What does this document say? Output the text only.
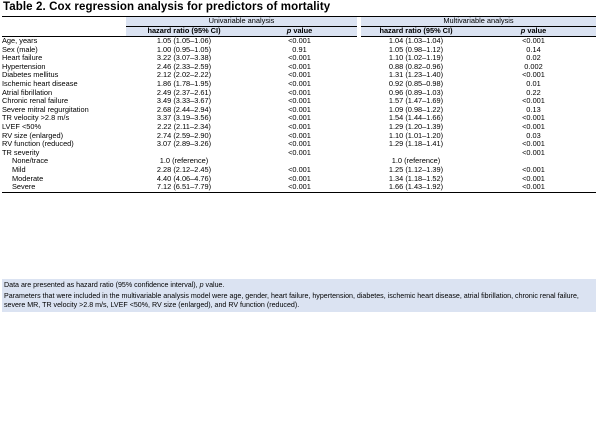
Table 2. Cox regression analysis for predictors of mortality
	Univariable analysis			Multivariable analysis	
	hazard ratio (95% CI)	p value		hazard ratio (95% CI)	p value
Age, years	1.05 (1.05–1.06)	<0.001		1.04 (1.03–1.04)	<0.001
Sex (male)	1.00 (0.95–1.05)	0.91		1.05 (0.98–1.12)	0.14
Heart failure	3.22 (3.07–3.38)	<0.001		1.10 (1.02–1.19)	0.02
Hypertension	2.46 (2.33–2.59)	<0.001		0.88 (0.82–0.96)	0.002
Diabetes mellitus	2.12 (2.02–2.22)	<0.001		1.31 (1.23–1.40)	<0.001
Ischemic heart disease	1.86 (1.78–1.95)	<0.001		0.92 (0.85–0.98)	0.01
Atrial fibrillation	2.49 (2.37–2.61)	<0.001		0.96 (0.89–1.03)	0.22
Chronic renal failure	3.49 (3.33–3.67)	<0.001		1.57 (1.47–1.69)	<0.001
Severe mitral regurgitation	2.68 (2.44–2.94)	<0.001		1.09 (0.98–1.22)	0.13
TR velocity >2.8 m/s	3.37 (3.19–3.56)	<0.001		1.54 (1.44–1.66)	<0.001
LVEF <50%	2.22 (2.11–2.34)	<0.001		1.29 (1.20–1.39)	<0.001
RV size (enlarged)	2.74 (2.59–2.90)	<0.001		1.10 (1.01–1.20)	0.03
RV function (reduced)	3.07 (2.89–3.26)	<0.001		1.29 (1.18–1.41)	<0.001
TR severity		<0.001			<0.001
None/trace	1.0 (reference)			1.0 (reference)	
Mild	2.28 (2.12–2.45)	<0.001		1.25 (1.12–1.39)	<0.001
Moderate	4.40 (4.06–4.76)	<0.001		1.34 (1.18–1.52)	<0.001
Severe	7.12 (6.51–7.79)	<0.001		1.66 (1.43–1.92)	<0.001

Data are presented as hazard ratio (95% confidence interval), p value.

Parameters that were included in the multivariable analysis model were age, gender, heart failure, hypertension, diabetes, ischemic heart disease, atrial fibrillation, chronic renal failure, severe MR, TR velocity >2.8 m/s, LVEF <50%, RV size (enlarged), and RV function (reduced).
